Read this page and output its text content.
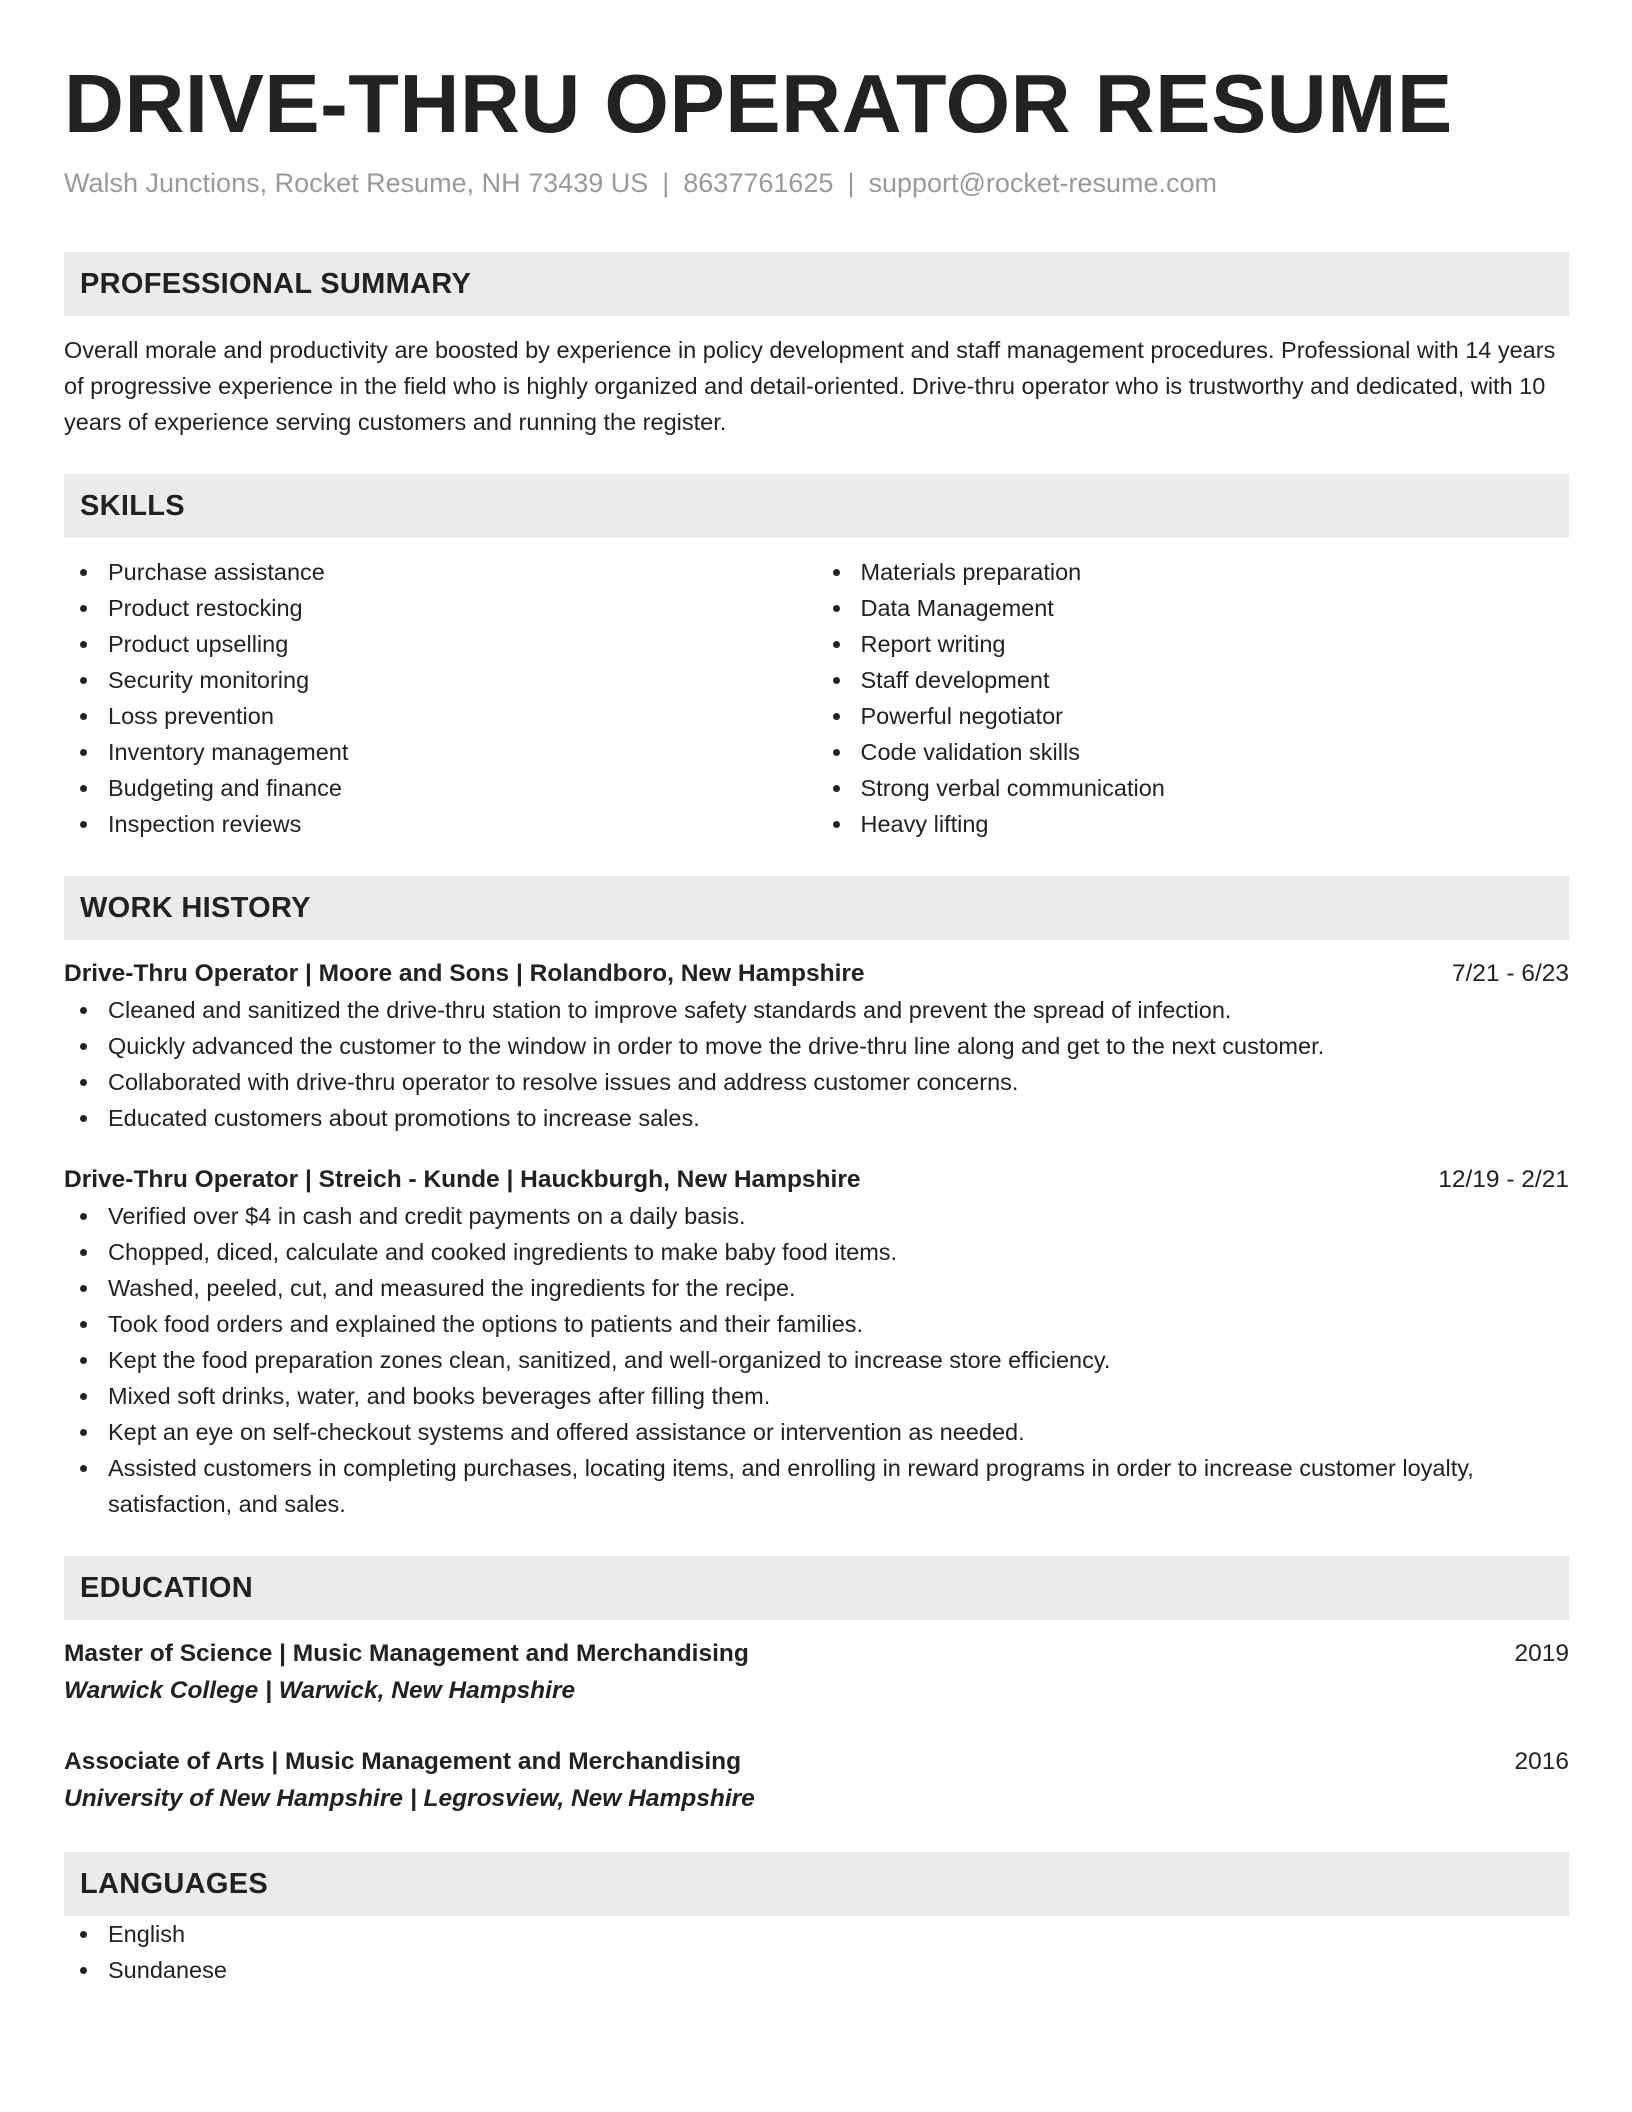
DRIVE-THRU OPERATOR RESUME
Walsh Junctions, Rocket Resume, NH 73439 US | 8637761625 | support@rocket-resume.com
PROFESSIONAL SUMMARY

Overall morale and productivity are boosted by experience in policy development and staff management procedures. Professional with 14 years of progressive experience in the field who is highly organized and detail-oriented. Drive-thru operator who is trustworthy and dedicated, with 10 years of experience serving customers and running the register.

SKILLS
Purchase assistance
Product restocking
Product upselling
Security monitoring
Loss prevention
Inventory management
Budgeting and finance
Inspection reviews
Materials preparation
Data Management
Report writing
Staff development
Powerful negotiator
Code validation skills
Strong verbal communication
Heavy lifting
WORK HISTORY
Drive-Thru Operator | Moore and Sons | Rolandboro, New Hampshire	7/21 - 6/23
Cleaned and sanitized the drive-thru station to improve safety standards and prevent the spread of infection.
Quickly advanced the customer to the window in order to move the drive-thru line along and get to the next customer.
Collaborated with drive-thru operator to resolve issues and address customer concerns.
Educated customers about promotions to increase sales.
Drive-Thru Operator | Streich - Kunde | Hauckburgh, New Hampshire	12/19 - 2/21
Verified over $4 in cash and credit payments on a daily basis.
Chopped, diced, calculate and cooked ingredients to make baby food items.
Washed, peeled, cut, and measured the ingredients for the recipe.
Took food orders and explained the options to patients and their families.
Kept the food preparation zones clean, sanitized, and well-organized to increase store efficiency.
Mixed soft drinks, water, and books beverages after filling them.
Kept an eye on self-checkout systems and offered assistance or intervention as needed.
Assisted customers in completing purchases, locating items, and enrolling in reward programs in order to increase customer loyalty, satisfaction, and sales.
EDUCATION
Master of Science | Music Management and Merchandising	2019
Warwick College | Warwick, New Hampshire
Associate of Arts | Music Management and Merchandising	2016
University of New Hampshire | Legrosview, New Hampshire
LANGUAGES
English
Sundanese
